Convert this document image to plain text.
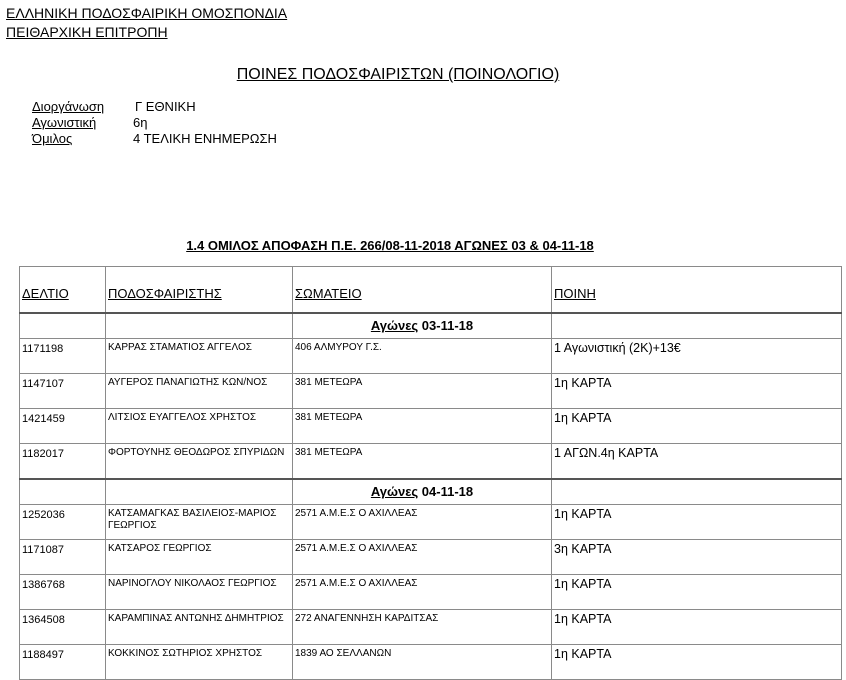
ΕΛΛΗΝΙΚΗ ΠΟΔΟΣΦΑΙΡΙΚΗ ΟΜΟΣΠΟΝΔΙΑ
ΠΕΙΘΑΡΧΙΚΗ ΕΠΙΤΡΟΠΗ
ΠΟΙΝΕΣ ΠΟΔΟΣΦΑΙΡΙΣΤΩΝ (ΠΟΙΝΟΛΟΓΙΟ)
Διοργάνωση	Γ ΕΘΝΙΚΗ
Αγωνιστική	6η
Όμιλος	4 ΤΕΛΙΚΗ ΕΝΗΜΕΡΩΣΗ
1.4 ΟΜΙΛΟΣ ΑΠΟΦΑΣΗ Π.Ε. 266/08-11-2018 ΑΓΩΝΕΣ 03 & 04-11-18
ΔΕΛΤΙΟ	ΠΟΔΟΣΦΑΙΡΙΣΤΗΣ	ΣΩΜΑΤΕΙΟ	ΠΟΙΝΗ
		Αγώνες 03-11-18	
1171198	ΚΑΡΡΑΣ ΣΤΑΜΑΤΙΟΣ ΑΓΓΕΛΟΣ	406 ΑΛΜΥΡΟΥ Γ.Σ.	1 Αγωνιστική (2Κ)+13€
1147107	ΑΥΓΕΡΟΣ ΠΑΝΑΓΙΩΤΗΣ ΚΩΝ/ΝΟΣ	381 ΜΕΤΕΩΡΑ	1η ΚΑΡΤΑ
1421459	ΛΙΤΣΙΟΣ ΕΥΑΓΓΕΛΟΣ ΧΡΗΣΤΟΣ	381 ΜΕΤΕΩΡΑ	1η ΚΑΡΤΑ
1182017	ΦΟΡΤΟΥΝΗΣ ΘΕΟΔΩΡΟΣ ΣΠΥΡΙΔΩΝ	381 ΜΕΤΕΩΡΑ	1 ΑΓΩΝ.4η ΚΑΡΤΑ
		Αγώνες 04-11-18	
1252036	ΚΑΤΣΑΜΑΓΚΑΣ ΒΑΣΙΛΕΙΟΣ-ΜΑΡΙΟΣ ΓΕΩΡΓΙΟΣ	2571 Α.Μ.Ε.Σ Ο ΑΧΙΛΛΕΑΣ	1η ΚΑΡΤΑ
1171087	ΚΑΤΣΑΡΟΣ ΓΕΩΡΓΙΟΣ	2571 Α.Μ.Ε.Σ Ο ΑΧΙΛΛΕΑΣ	3η ΚΑΡΤΑ
1386768	ΝΑΡΙΝΟΓΛΟΥ ΝΙΚΟΛΑΟΣ ΓΕΩΡΓΙΟΣ	2571 Α.Μ.Ε.Σ Ο ΑΧΙΛΛΕΑΣ	1η ΚΑΡΤΑ
1364508	ΚΑΡΑΜΠΙΝΑΣ ΑΝΤΩΝΗΣ ΔΗΜΗΤΡΙΟΣ	272 ΑΝΑΓΕΝΝΗΣΗ ΚΑΡΔΙΤΣΑΣ	1η ΚΑΡΤΑ
1188497	ΚΟΚΚΙΝΟΣ ΣΩΤΗΡΙΟΣ ΧΡΗΣΤΟΣ	1839 ΑΟ ΣΕΛΛΑΝΩΝ	1η ΚΑΡΤΑ
